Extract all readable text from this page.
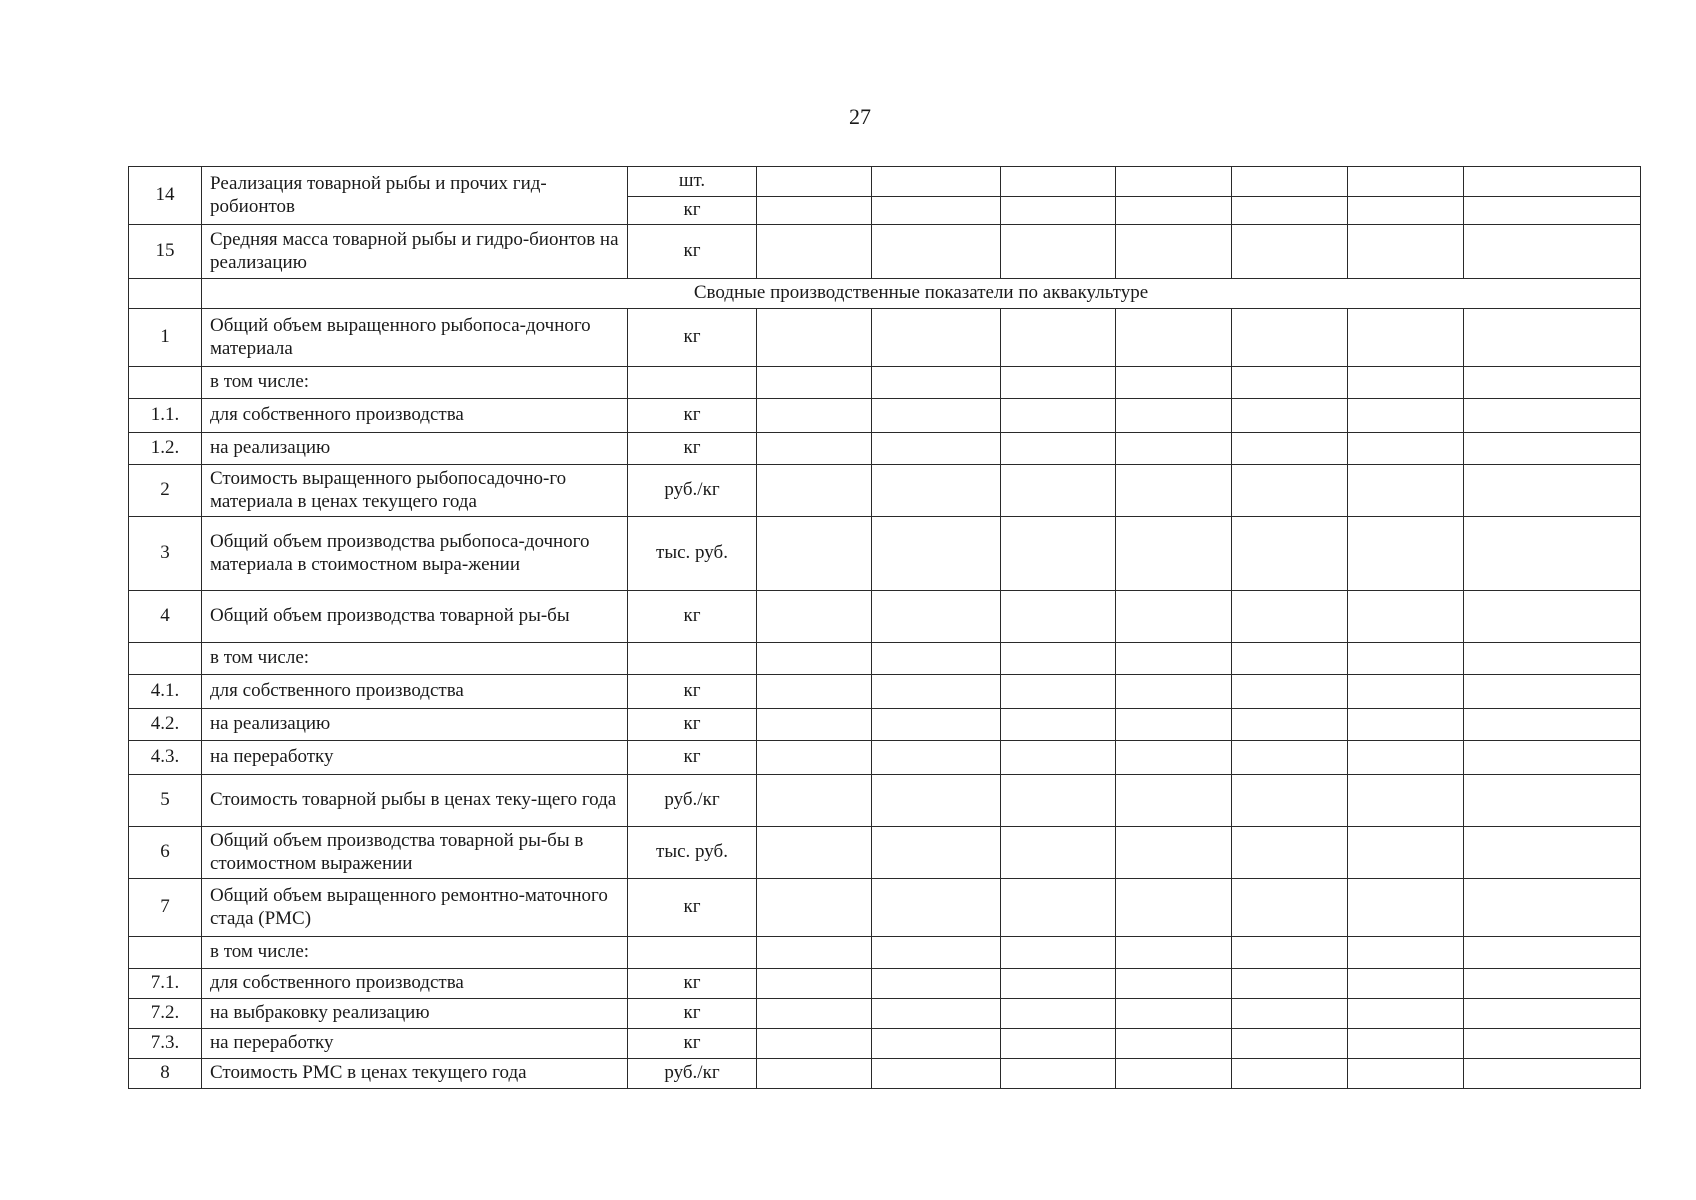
27
14	Реализация товарной рыбы и прочих гид-робионтов	шт.							
		кг							
15	Средняя масса товарной рыбы и гидро-бионтов на реализацию	кг							
	Сводные производственные показатели по аквакультуре								
1	Общий объем выращенного рыбопоса-дочного материала	кг							
	в том числе:								
1.1.	для собственного производства	кг							
1.2.	на реализацию	кг							
2	Стоимость выращенного рыбопосадочно-го материала в ценах текущего года	руб./кг							
3	Общий объем производства рыбопоса-дочного материала в стоимостном выра-жении	тыс. руб.							
4	Общий объем производства товарной ры-бы	кг							
	в том числе:								
4.1.	для собственного производства	кг							
4.2.	на реализацию	кг							
4.3.	на переработку	кг							
5	Стоимость товарной рыбы в ценах теку-щего года	руб./кг							
6	Общий объем производства товарной ры-бы в стоимостном выражении	тыс. руб.							
7	Общий объем выращенного ремонтно-маточного стада (РМС)	кг							
	в том числе:								
7.1.	для собственного производства	кг							
7.2.	на выбраковку реализацию	кг							
7.3.	на переработку	кг							
8	Стоимость РМС в ценах текущего года	руб./кг							
